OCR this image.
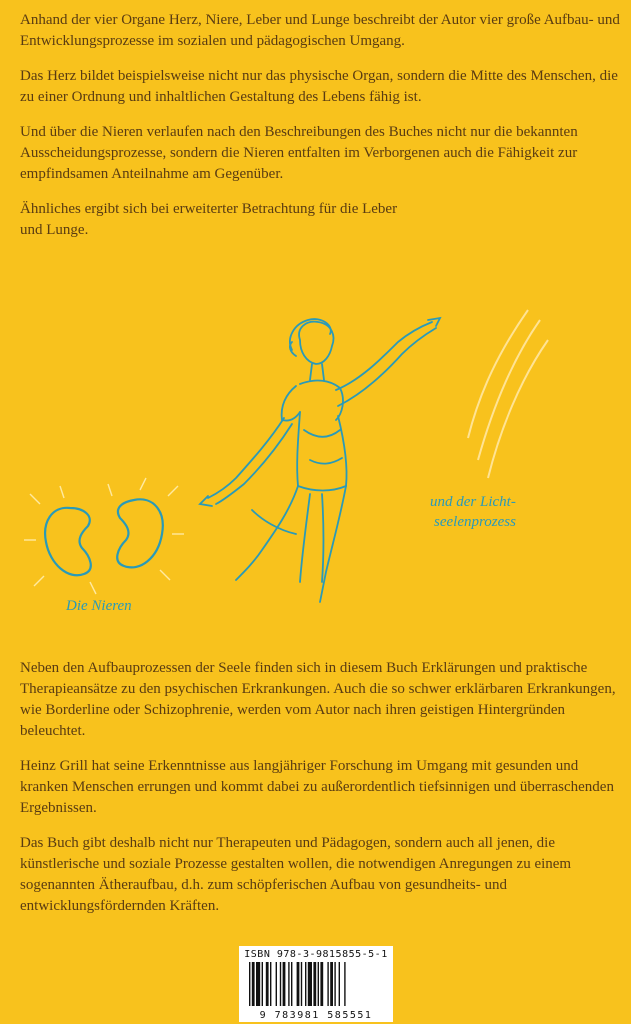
Anhand der vier Organe Herz, Niere, Leber und Lunge beschreibt der Autor vier große Aufbau- und Entwicklungsprozesse im sozialen und pädagogischen Umgang.

Das Herz bildet beispielsweise nicht nur das physische Organ, sondern die Mitte des Menschen, die zu einer Ordnung und inhaltlichen Gestaltung des Lebens fähig ist.

Und über die Nieren verlaufen nach den Beschreibungen des Buches nicht nur die bekannten Ausscheidungsprozesse, sondern die Nieren entfalten im Verborgenen auch die Fähigkeit zur empfindsamen Anteilnahme am Gegenüber.

Ähnliches ergibt sich bei erweiterter Betrachtung für die Leber und Lunge.

Die Nieren
und der Licht-
seelenprozess

Neben den Aufbauprozessen der Seele finden sich in diesem Buch Erklärungen und praktische Therapieansätze zu den psychischen Erkrankungen. Auch die so schwer erklärbaren Erkrankungen, wie Borderline oder Schizophrenie, werden vom Autor nach ihren geistigen Hintergründen beleuchtet.

Heinz Grill hat seine Erkenntnisse aus langjähriger Forschung im Umgang mit gesunden und kranken Menschen errungen und kommt dabei zu außerordentlich tiefsinnigen und überraschenden Ergebnissen.

Das Buch gibt deshalb nicht nur Therapeuten und Pädagogen, sondern auch all jenen, die künstlerische und soziale Prozesse gestalten wollen, die notwendigen Anregungen zu einem sogenannten Ätheraufbau, d.h. zum schöpferischen Aufbau von gesundheits- und entwicklungsfördernden Kräften.

ISBN 978-3-9815855-5-1
9 783981 585551
